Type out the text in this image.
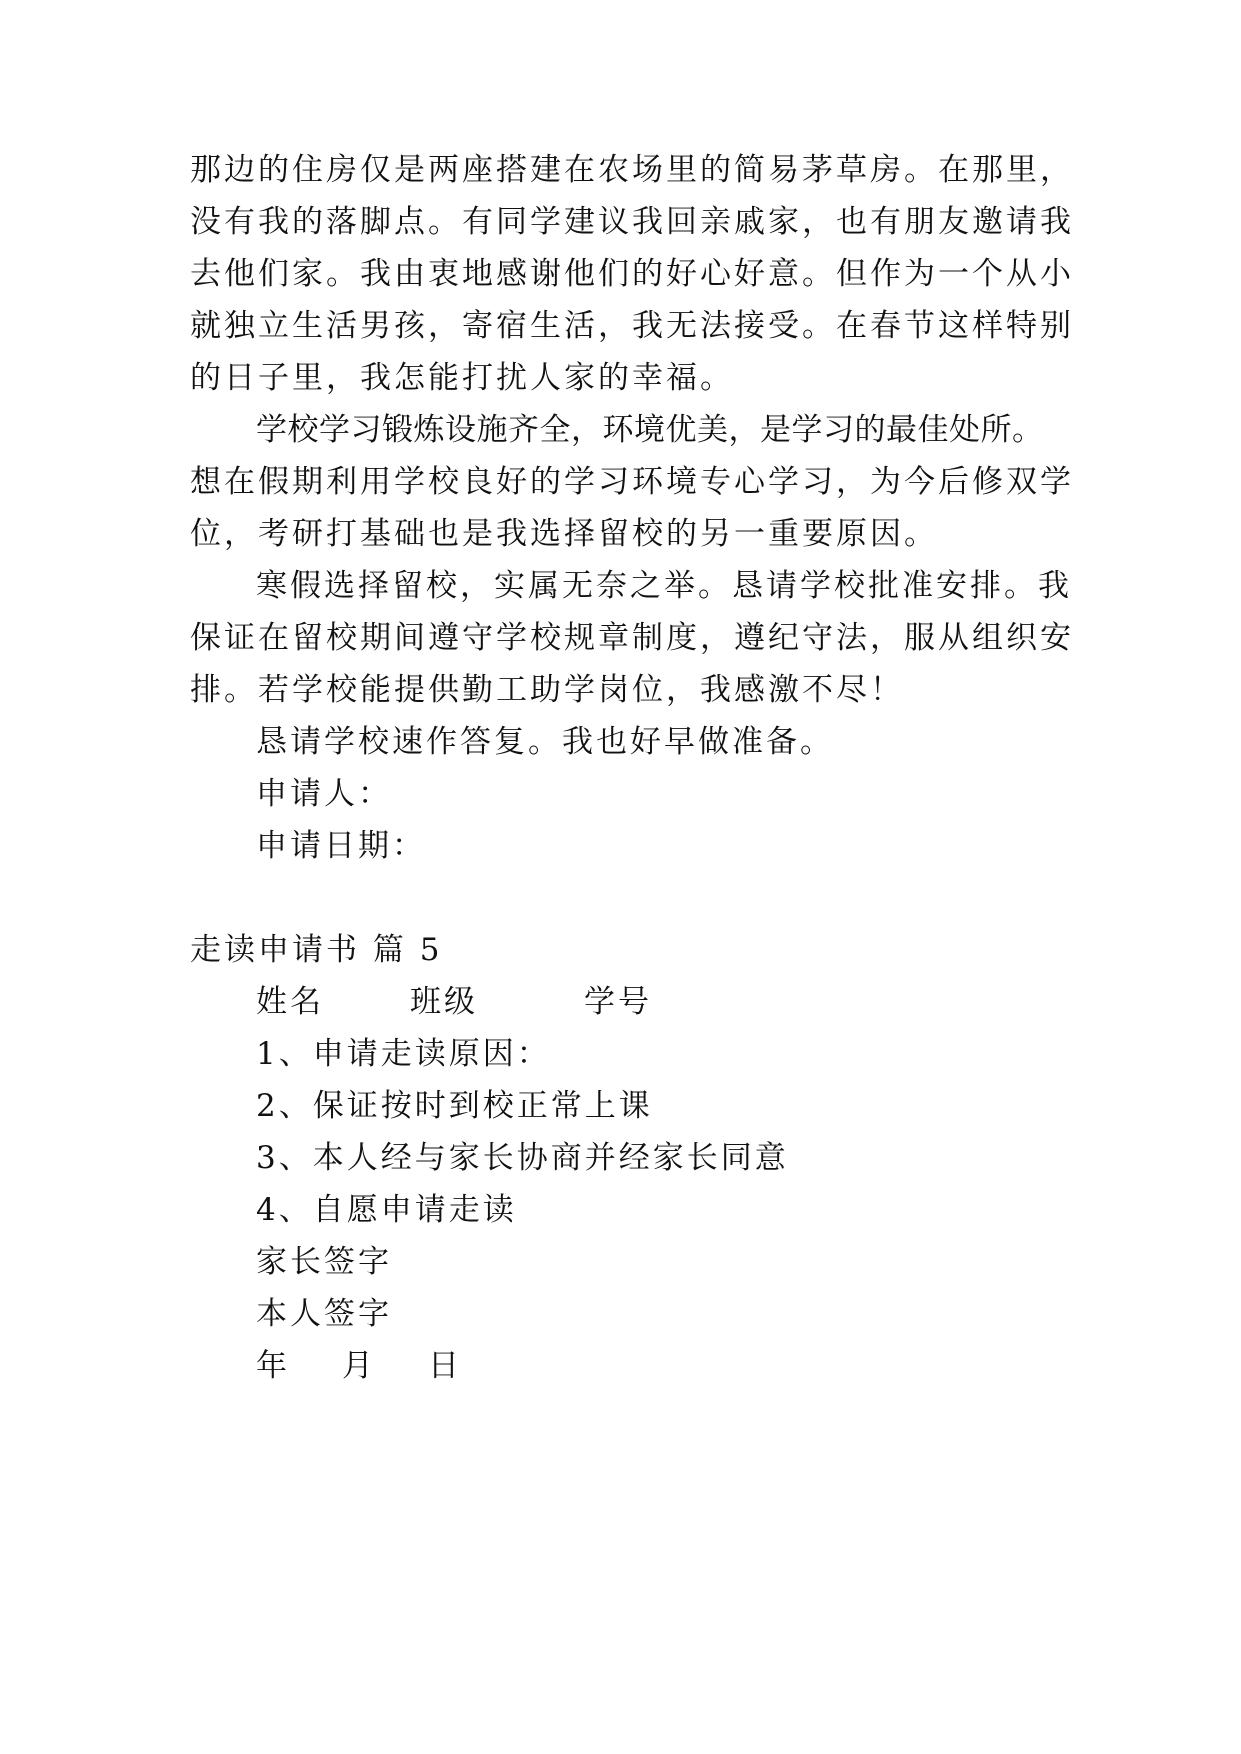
那边的住房仅是两座搭建在农场里的简易茅草房。在那里，
没有我的落脚点。有同学建议我回亲戚家，也有朋友邀请我
去他们家。我由衷地感谢他们的好心好意。但作为一个从小
就独立生活男孩，寄宿生活，我无法接受。在春节这样特别
的日子里，我怎能打扰人家的幸福。
学校学习锻炼设施齐全，环境优美，是学习的最佳处所。
想在假期利用学校良好的学习环境专心学习，为今后修双学
位，考研打基础也是我选择留校的另一重要原因。
寒假选择留校，实属无奈之举。恳请学校批准安排。我
保证在留校期间遵守学校规章制度，遵纪守法，服从组织安
排。若学校能提供勤工助学岗位，我感激不尽！
恳请学校速作答复。我也好早做准备。
申请人：
申请日期：
走读申请书 篇 5
姓名	班级	学号
1、申请走读原因：
2、保证按时到校正常上课
3、本人经与家长协商并经家长同意
4、自愿申请走读
家长签字
本人签字
年 月 日
